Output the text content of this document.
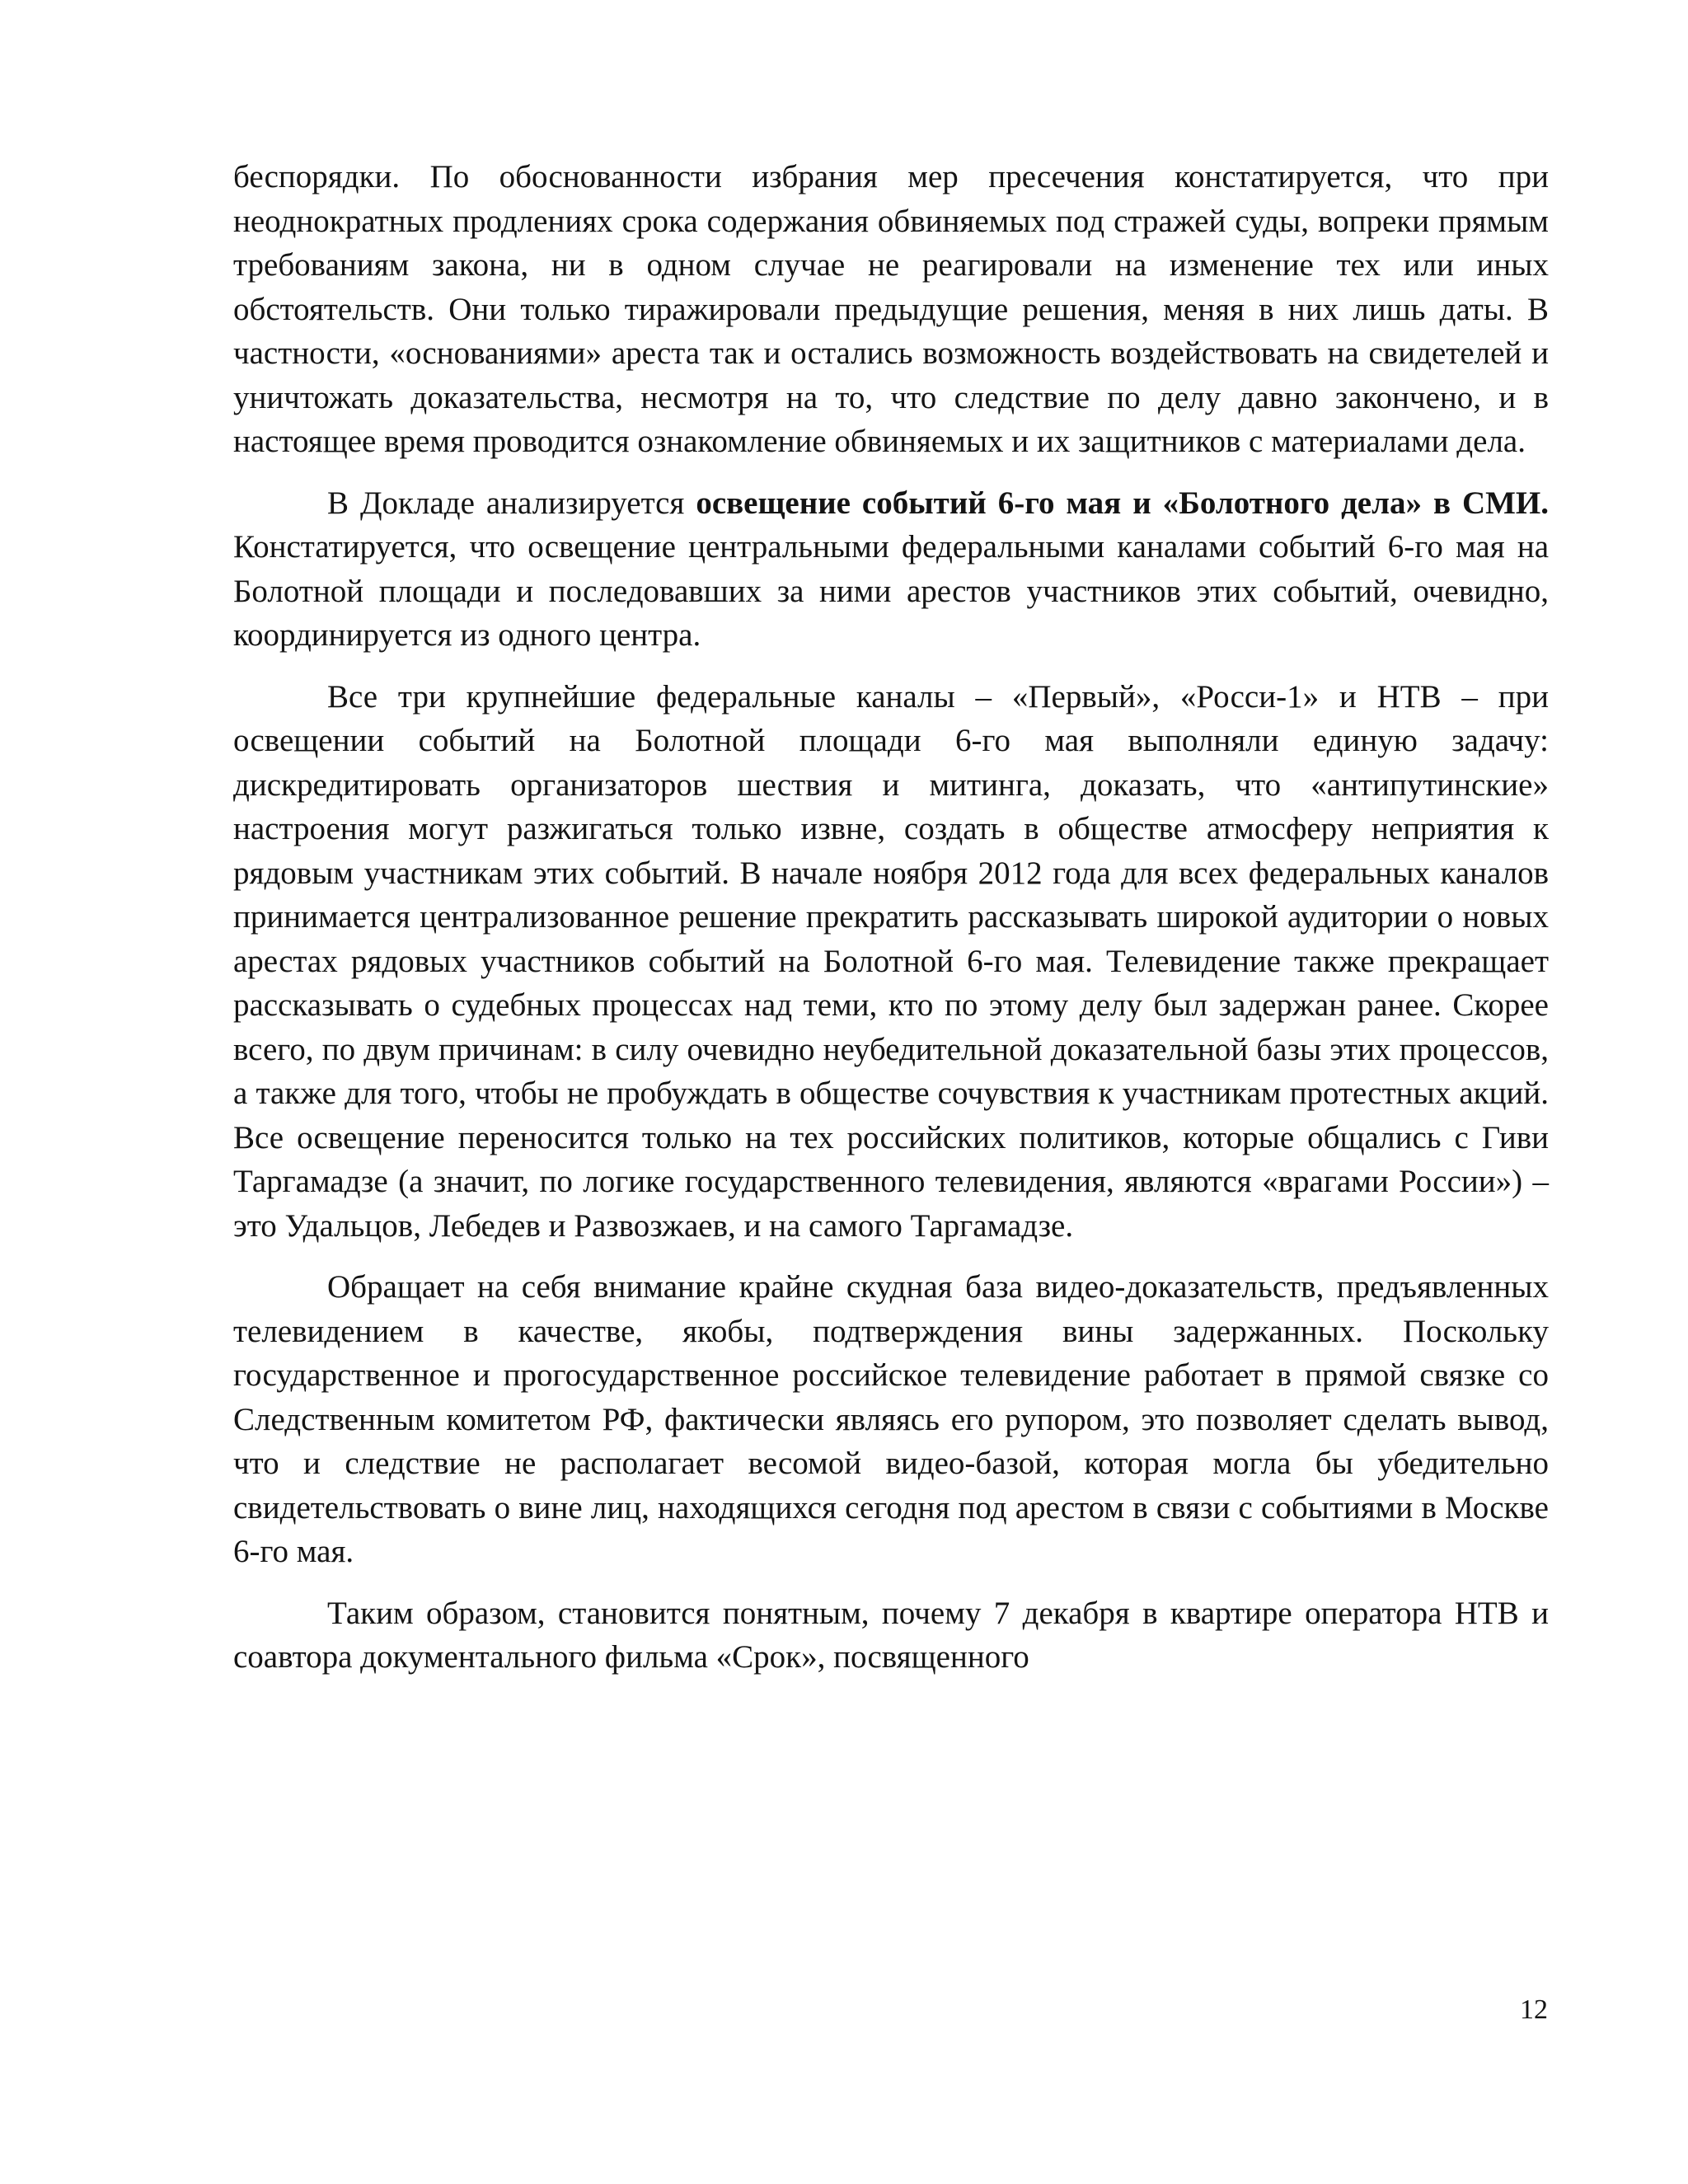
беспорядки. По обоснованности избрания мер пресечения констатируется, что при неоднократных продлениях срока содержания обвиняемых под стражей суды, вопреки прямым требованиям закона, ни в одном случае не реагировали на изменение тех или иных обстоятельств. Они только тиражировали предыдущие решения, меняя в них лишь даты. В частности, «основаниями» ареста так и остались возможность воздействовать на свидетелей и уничтожать доказательства, несмотря на то, что следствие по делу давно закончено, и в настоящее время проводится ознакомление обвиняемых и их защитников с материалами дела.

В Докладе анализируется освещение событий 6-го мая и «Болотного дела» в СМИ. Констатируется, что освещение центральными федеральными каналами событий 6-го мая на Болотной площади и последовавших за ними арестов участников этих событий, очевидно, координируется из одного центра.

Все три крупнейшие федеральные каналы – «Первый», «Росси-1» и НТВ – при освещении событий на Болотной площади 6-го мая выполняли единую задачу: дискредитировать организаторов шествия и митинга, доказать, что «антипутинские» настроения могут разжигаться только извне, создать в обществе атмосферу неприятия к рядовым участникам этих событий. В начале ноября 2012 года для всех федеральных каналов принимается централизованное решение прекратить рассказывать широкой аудитории о новых арестах рядовых участников событий на Болотной 6-го мая. Телевидение также прекращает рассказывать о судебных процессах над теми, кто по этому делу был задержан ранее. Скорее всего, по двум причинам: в силу очевидно неубедительной доказательной базы этих процессов, а также для того, чтобы не пробуждать в обществе сочувствия к участникам протестных акций. Все освещение переносится только на тех российских политиков, которые общались с Гиви Таргамадзе (а значит, по логике государственного телевидения, являются «врагами России») – это Удальцов, Лебедев и Развозжаев, и на самого Таргамадзе.

Обращает на себя внимание крайне скудная база видео-доказательств, предъявленных телевидением в качестве, якобы, подтверждения вины задержанных. Поскольку государственное и прогосударственное российское телевидение работает в прямой связке со Следственным комитетом РФ, фактически являясь его рупором, это позволяет сделать вывод, что и следствие не располагает весомой видео-базой, которая могла бы убедительно свидетельствовать о вине лиц, находящихся сегодня под арестом в связи с событиями в Москве 6-го мая.

Таким образом, становится понятным, почему 7 декабря в квартире оператора НТВ и соавтора документального фильма «Срок», посвященного

12
